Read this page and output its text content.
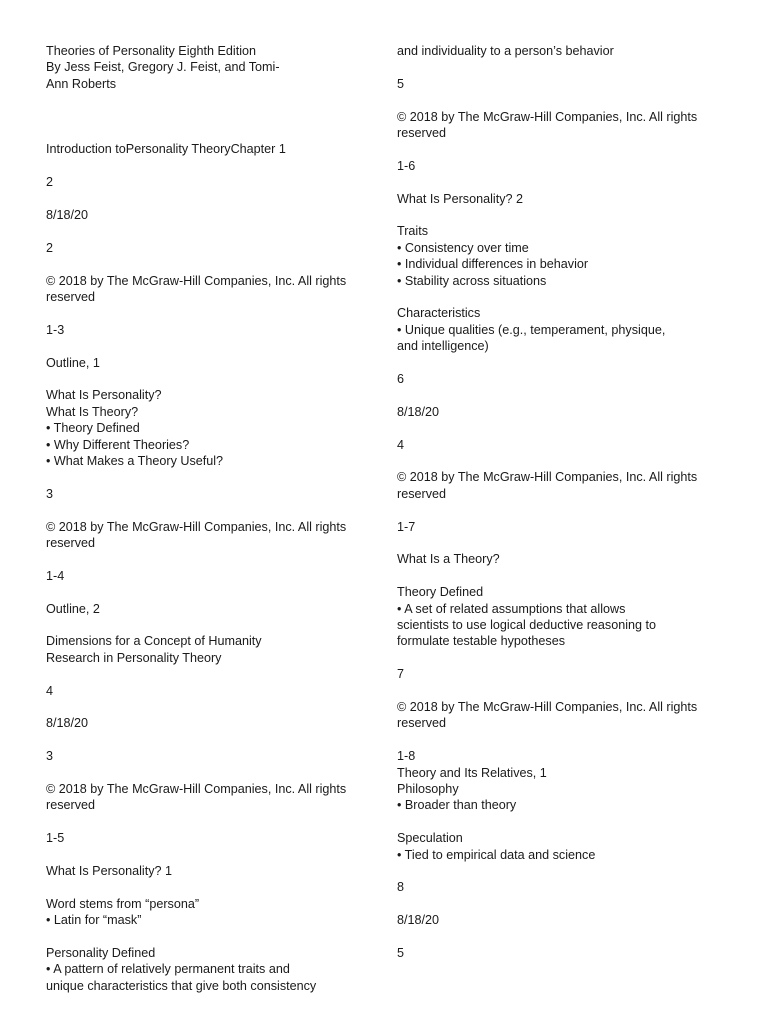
Theories of Personality Eighth Edition
By Jess Feist, Gregory J. Feist, and Tomi-
Ann Roberts

Introduction toPersonality TheoryChapter 1
2
8/18/20
2
© 2018 by The McGraw-Hill Companies, Inc. All rights
reserved
1-3
Outline, 1
What Is Personality?
What Is Theory?
• Theory Defined
• Why Different Theories?
• What Makes a Theory Useful?
3
© 2018 by The McGraw-Hill Companies, Inc. All rights
reserved
1-4
Outline, 2
Dimensions for a Concept of Humanity
Research in Personality Theory
4
8/18/20
3
© 2018 by The McGraw-Hill Companies, Inc. All rights
reserved
1-5
What Is Personality? 1
Word stems from “persona”
• Latin for “mask”
Personality Defined
• A pattern of relatively permanent traits and
unique characteristics that give both consistency
and individuality to a person’s behavior
5
© 2018 by The McGraw-Hill Companies, Inc. All rights
reserved
1-6
What Is Personality? 2
Traits
• Consistency over time
• Individual differences in behavior
• Stability across situations
Characteristics
• Unique qualities (e.g., temperament, physique,
and intelligence)
6
8/18/20
4
© 2018 by The McGraw-Hill Companies, Inc. All rights
reserved
1-7
What Is a Theory?
Theory Defined
• A set of related assumptions that allows
scientists to use logical deductive reasoning to
formulate testable hypotheses
7
© 2018 by The McGraw-Hill Companies, Inc. All rights
reserved
1-8
Theory and Its Relatives, 1
Philosophy
• Broader than theory
Speculation
• Tied to empirical data and science
8
8/18/20
5
